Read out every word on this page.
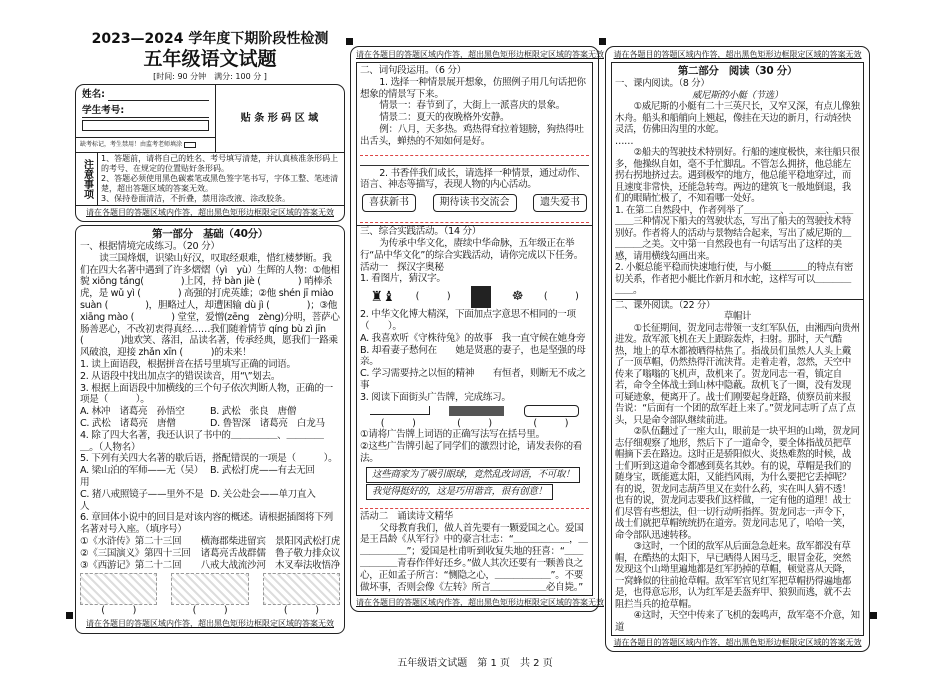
2023—2024 学年度下期阶段性检测
五年级语文试题
[时间: 90 分钟　满分: 100 分 ]
姓名:
学生考号:
缺考标记，考生禁用！由监考老师填涂
贴 条 形 码 区 域
注意事项
1、答题前，请将自己的姓名、考号填写清楚，并认真核准条形码上的考号、在规定的位置贴好条形码。
2、答题必须使用黑色碳素笔或黑色签字笔书写，字体工整、笔迹清楚，超出答题区域的答案无效。
3、保持卷面清洁，不折叠，禁用涂改液、涂改胶条。
请在各题目的答题区域内作答，超出黑色矩形边框限定区域的答案无效
第一部分　基础（40分）
一、根据情境完成练习。（20 分）
读三国烽烟，识梁山好汉，叹取经艰难，惜红楼梦断。我们在四大名著中遇到了许多熠熠（yì　yù）生辉的人物：①他相貌 xiōng táng(　　　　)上冈，持 bàn jiè (　　　　) 哨棒杀虎，是 wǔ yì (　　　　) 高强的打虎英雄；②他 shén jī miào suàn (　　　　)，胆略过人，却遭困输 dù jì (　　　　)；③他 xiāng mào (　　　　) 堂堂，爱憎(zēng　zèng)分明，菩萨心肠善恶心，不改初衷得真经……我们随着情节 qíng bù zì jīn (　　　　)地欢笑、落泪，品读名著，传承经典，愿我们一路乘风破浪，迎接 zhǎn xīn (　　　)的未来！
1. 读上面语段，根据拼音在括号里填写正确的词语。
2. 从语段中找出加点字的错误读音，用“\”划去。
3. 根据上面语段中加横线的三个句子依次判断人物，正确的一项是（　　　）。
A. 林冲　诸葛亮　孙悟空	B. 武松　张良　唐僧
C. 武松　诸葛亮　唐僧	D. 鲁智深　诸葛亮　白龙马
4. 除了四大名著，我还认识了书中的＿＿＿＿＿、＿＿＿＿＿。（人物名）
5. 下列有关四大名著的歇后语，搭配错误的一项是（　　　）。
A. 梁山泊的军师——无（吴）用
B. 武松打虎——有去无回
C. 猪八戒照镜子——里外不是人
D. 关公赴会——单刀直入
6. 章回体小说中的回目是对该内容的概述。请根据插图将下列名著对号入座。（填序号）
①《水浒传》第二十三回 横海郡柴进留宾　景阳冈武松打虎
②《三国演义》第四十三回 诸葛亮舌战群儒　鲁子敬力排众议
③《西游记》第二十二回 八戒大战流沙河　木叉奉法收悟净
(　　　)	(　　　)	(　　　)
请在各题目的答题区域内作答，超出黑色矩形边框限定区域的答案无效
请在各题目的答题区域内作答，超出黑色矩形边框限定区域的答案无效
二、词句段运用。（6 分）
1. 选择一种情景展开想象，仿照例子用几句话把你想象的情景写下来。
情景一：春节到了，大街上一派喜庆的景象。
情景二：夏天的夜晚格外安静。
例：八月，天多热。鸡热得耷拉着翅膀，狗热得吐出舌头，蝉热的不知如何是好。
2. 书香伴我们成长，请选择一种情景，通过动作、语言、神态等描写，表现人物的内心活动。
喜获新书	期待读书交流会	遗失爱书
三、综合实践活动。（14 分）
为传承中华文化，赓续中华命脉，五年级正在举行“品中华文化”的综合实践活动，请你完成以下任务。
活动一　探汉字奥秘
1. 看图片，猜汉字。
♜♝ (　　　)	☸ (　　　)
2. 中华文化博大精深，下面加点字意思不相同的一项（　　）。
A. 我喜欢听《守株待兔》的故事　我一直守候在她身旁
B. 却看妻子愁何在　　她是贤惠的妻子，也是坚强的母亲。
C. 学习需要持之以恒的精神　　有恒者，则断无不成之事
3. 阅读下面街头广告牌，完成练习。
(　　　)	(　　　)	(　　　)
①请将广告牌上词语的正确写法写在括号里。
②这些广告牌引起了同学们的激烈讨论，请发表你的看法。
这些商家为了吸引眼球，竟然乱改词语，不可取！
我觉得挺好的，这是巧用谐音，很有创意！
活动二　诵读诗文精华
父母教育我们，做人首先要有一颗爱国之心。爱国是王昌龄《从军行》中的豪言壮志：“＿＿＿＿＿＿，＿＿＿＿＿＿”；爱国是杜甫听到收复失地的狂喜：“＿＿＿＿＿＿青春作伴好还乡。”做人其次还要有一颗善良之心，正如孟子所言：“恻隐之心，＿＿＿＿＿＿”。不要做坏事，否则会像《左转》所言＿＿＿＿＿＿必自毙。”
请在各题目的答题区域内作答，超出黑色矩形边框限定区域的答案无效
请在各题目的答题区域内作答，超出黑色矩形边框限定区域的答案无效
第二部分　阅读（30 分）
一、课内阅读。（8 分）
威尼斯的小艇（节选）
①威尼斯的小艇有二十三英尺长，又窄又深，有点儿像独木舟。船头和船艄向上翘起，像挂在天边的新月，行动轻快灵活，仿佛田沟里的水蛇。
……
②船夫的驾驶技术特别好。行船的速度极快，来往船只很多，他操纵自如，毫不手忙脚乱。不管怎么拥挤，他总能左拐右拐地挤过去。遇到极窄的地方，他总能平稳地穿过，而且速度非常快，还能急转弯。两边的建筑飞一般地倒退，我们的眼睛忙极了，不知看哪一处好。
1. 在第二自然段中，作者列举了＿＿＿＿、＿＿＿＿、＿＿＿＿三种情况下船夫的驾驶状态，写出了船夫的驾驶技术特别好。作者将人的活动与景物结合起来，写出了威尼斯的＿＿＿＿之美。文中第一自然段也有一句话写出了这样的美感，请用横线勾画出来。
2. 小艇总能平稳而快速地行使，与小艇＿＿＿＿的特点有密切关系，作者把小艇比作新月和水蛇，这样写可以＿＿＿＿＿＿。
二、课外阅读。（22 分）
草帽计
①长征期间，贺龙同志带领一支红军队伍，由湘西向贵州进发。敌军派飞机在天上跟踪轰炸，扫射。那时，天气酷热，地上的草木都被晒得枯焦了。指战员们虽然人人头上戴了一顶草帽，仍然热得汗流浃背。走着走着，忽然，天空中传来了嗡嗡的飞机声，敌机来了。贺龙同志一看，镇定自若，命令全体战士到山林中隐蔽。敌机飞了一圈，没有发现可疑迹象，便离开了。战士们刚要起身赶路，侦察员前来报告说：“后面有一个团的敌军赶上来了。”贺龙同志听了点了点头，只是命令部队继续前进。
②队伍翻过了一座大山，眼前是一块平坦的山坳，贺龙同志仔细观察了地形，然后下了一道命令，要全体指战员把草帽摘下丢在路边。这时正是骄阳似火、炎热难熬的时候，战士们听到这道命令都感到莫名其妙。有的说，草帽是我们的随身宝，既能遮太阳，又能挡风雨，为什么要把它丢掉呢？有的说，贺龙同志葫芦里又在卖什么药，实在叫人猜不透！也有的说，贺龙同志要我们这样做，一定有他的道理！战士们尽管有些想法，但一切行动听指挥。贺龙同志一声令下，战士们就把草帽统统扔在道旁。贺龙同志见了，哈哈一笑，命令部队迅速转移。
③这时，一个团的敌军从后面急急赶来。敌军都没有草帽，在酷热的太阳下，早已晒得人困马乏，眼冒金花，突然发现这个山坳里遍地都是红军扔掉的草帽，顿觉喜从天降，一窝蜂似的往前抢草帽。敌军军官见红军把草帽扔得遍地都是，也得意忘形，认为红军是丢盔弃甲、狼狈而逃，就不去阻拦当兵的抢草帽。
④这时，天空中传来了飞机的轰鸣声，敌军毫不介意，知道
请在各题目的答题区域内作答，超出黑色矩形边框限定区域的答案无效
五年级语文试题　第 1 页　共 2 页
